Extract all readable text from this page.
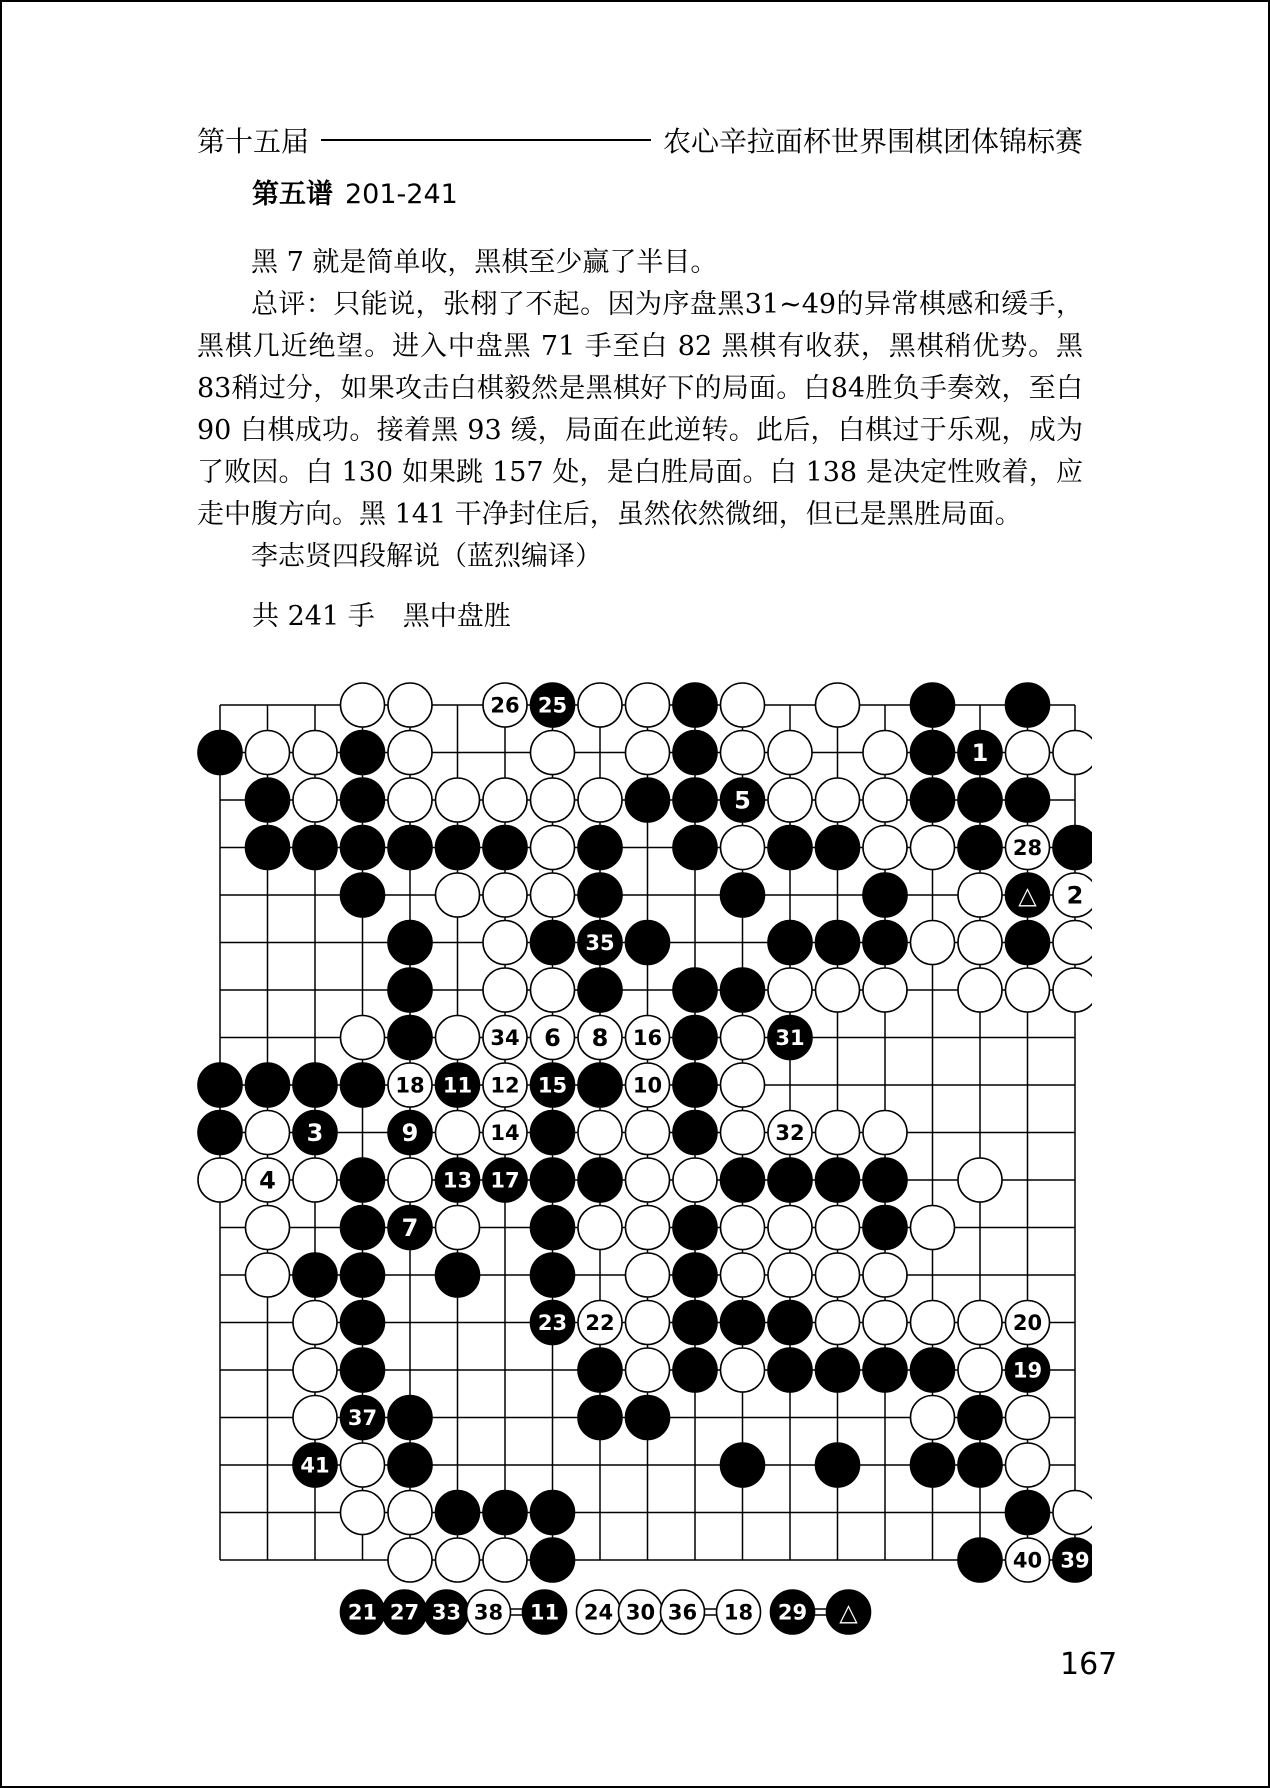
第十五届	农心辛拉面杯世界围棋团体锦标赛
第五谱 201-241

黑 7 就是简单收，黑棋至少赢了半目。

总评：只能说，张栩了不起。因为序盘黑31~49的异常棋感和缓手，黑棋几近绝望。进入中盘黑 71 手至白 82 黑棋有收获，黑棋稍优势。黑83稍过分，如果攻击白棋毅然是黑棋好下的局面。白84胜负手奏效，至白 90 白棋成功。接着黑 93 缓，局面在此逆转。此后，白棋过于乐观，成为了败因。白 130 如果跳 157 处，是白胜局面。白 138 是决定性败着，应走中腹方向。黑 141 干净封住后，虽然依然微细，但已是黑胜局面。

李志贤四段解说（蓝烈编译）

共 241 手 黑中盘胜
26 25
1
5
28
△ 2
35
34 6 8 16	31
18 11 12 15	10
3	9	14	32
4	13 17
7
23 22	20
19
37
41
40 39
21 27 33 38 11 24 30 36 18 29 △
167
